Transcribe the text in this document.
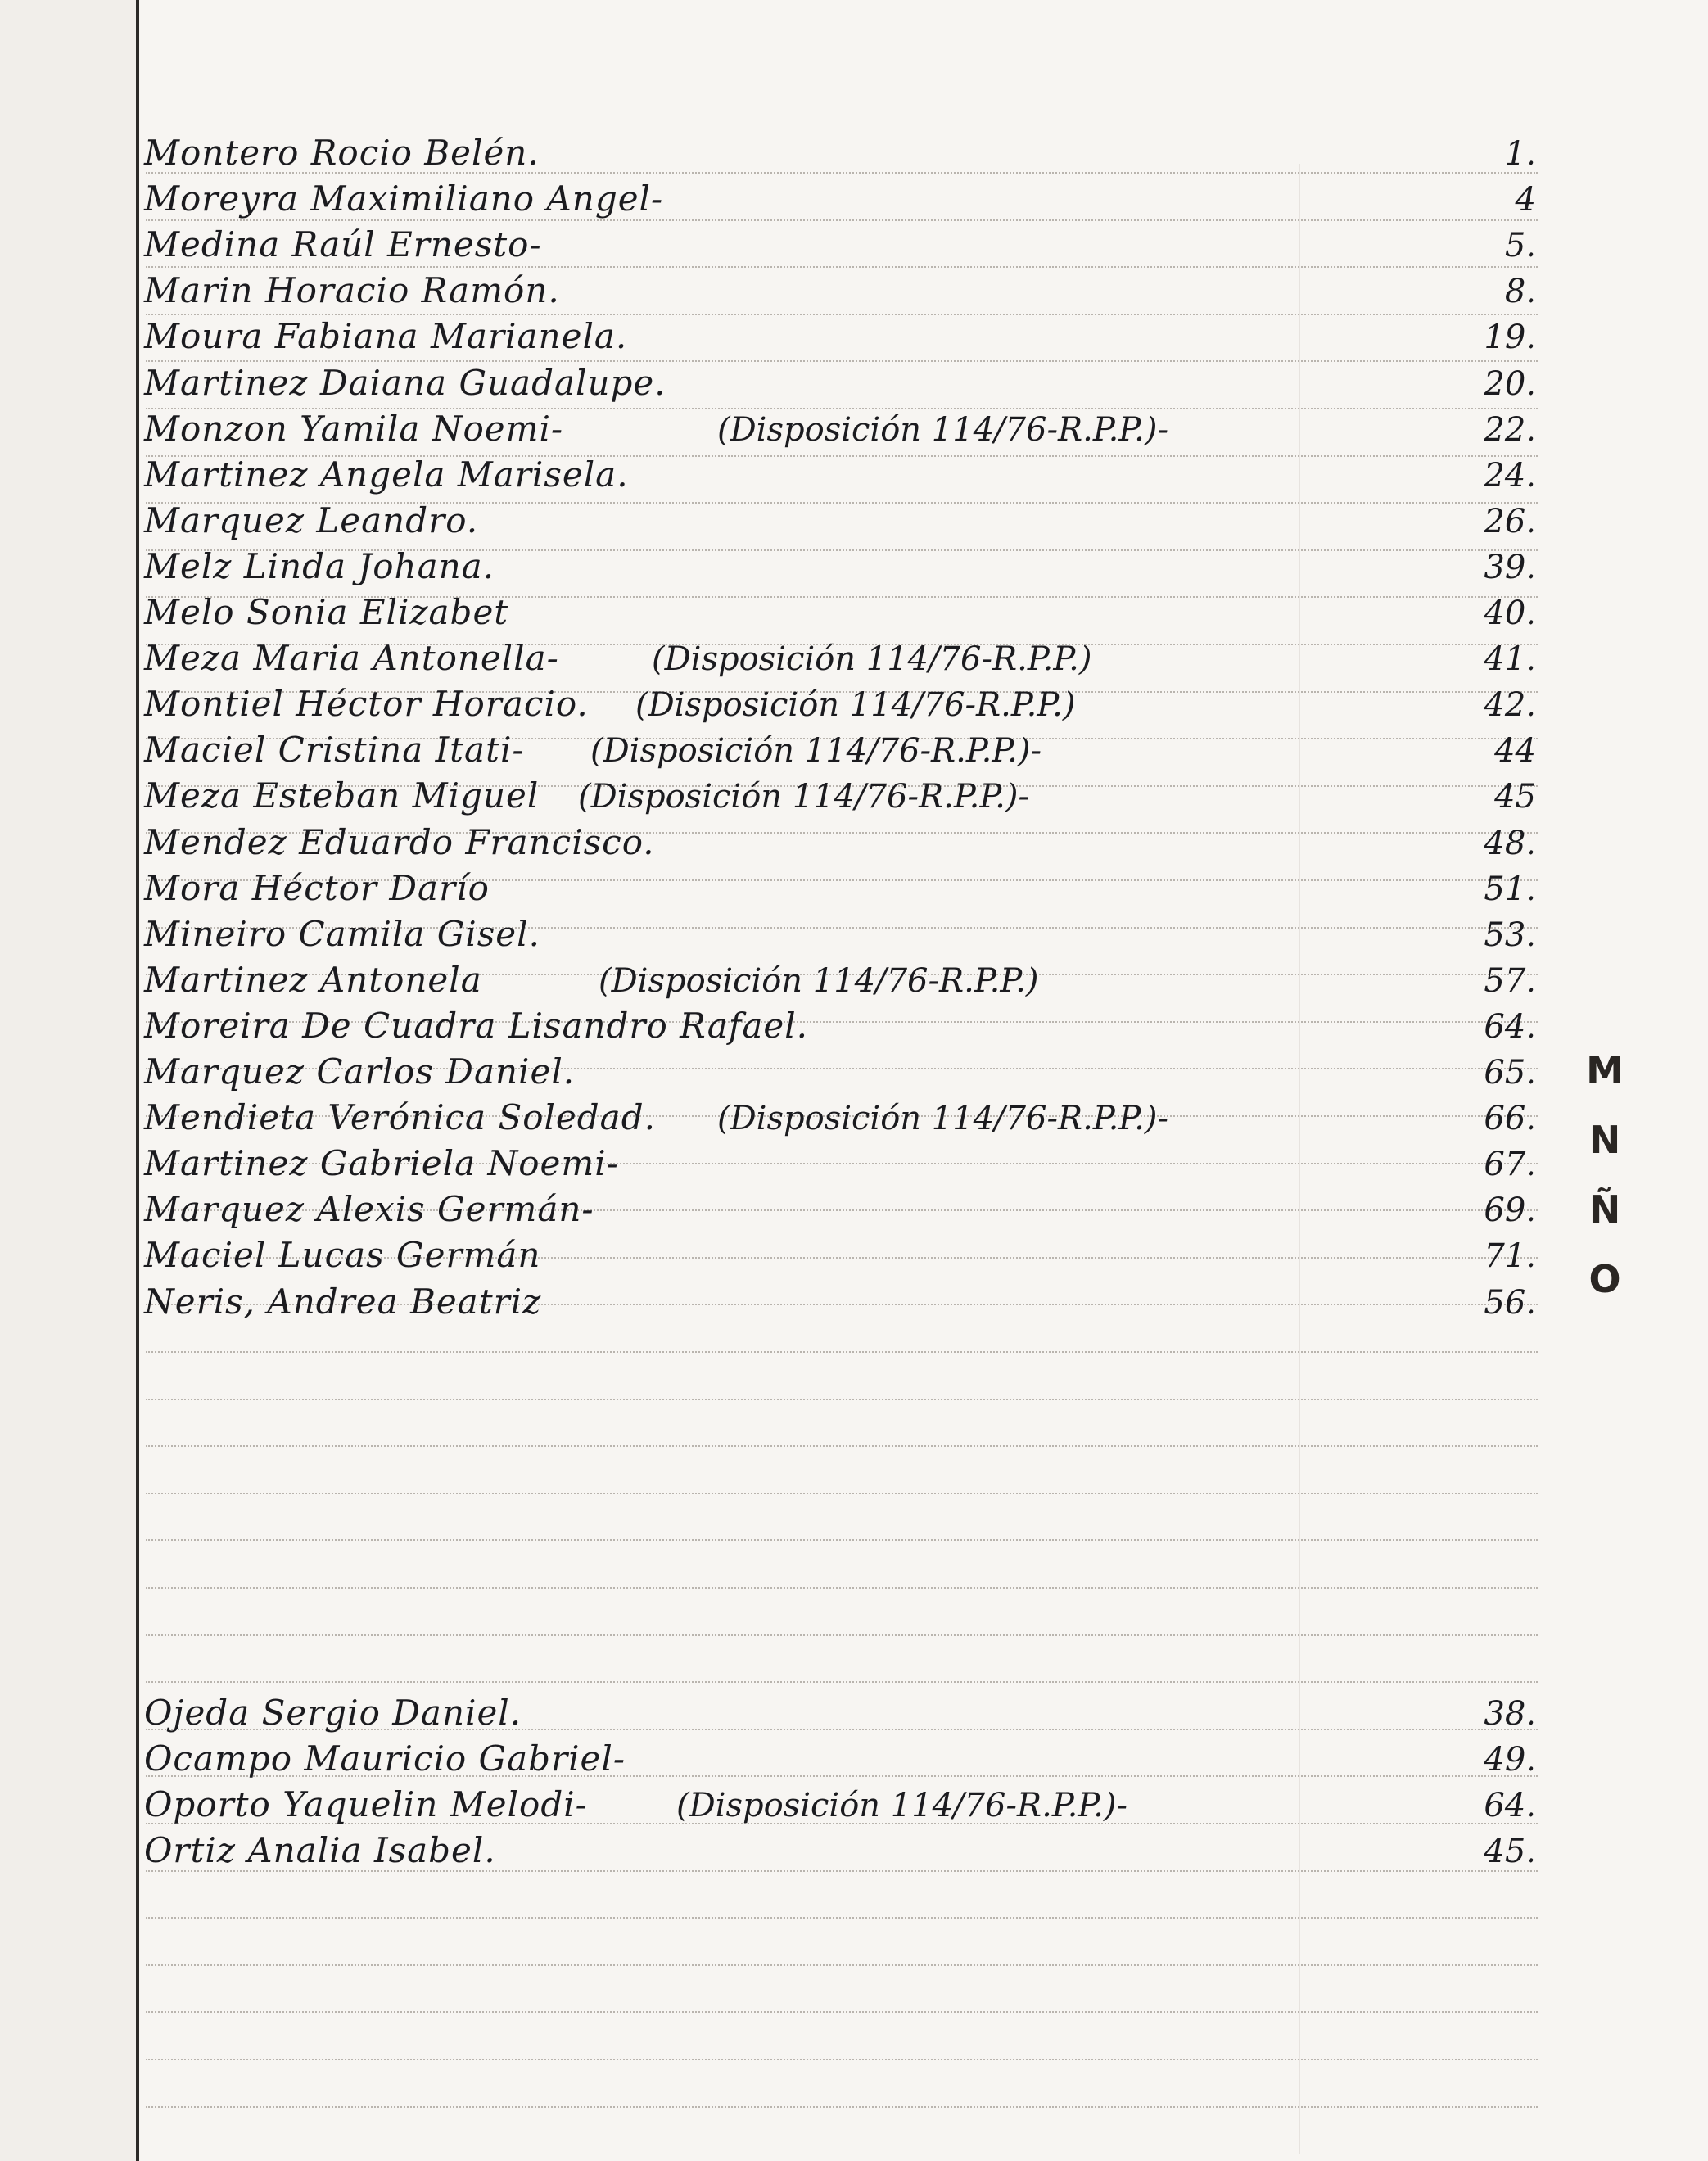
Montero Rocio Belén.	1.
Moreyra Maximiliano Angel-	4
Medina Raúl Ernesto-	5.
Marin Horacio Ramón.	8.
Moura Fabiana Marianela.	19.
Martinez Daiana Guadalupe.	20.
Monzon Yamila Noemi-	(Disposición 114/76-R.P.P.)-	22.
Martinez Angela Marisela.	24.
Marquez Leandro.	26.
Melz Linda Johana.	39.
Melo Sonia Elizabet	40.
Meza Maria Antonella-	(Disposición 114/76-R.P.P.)	41.
Montiel Héctor Horacio. (Disposición 114/76-R.P.P.)	42.
Maciel Cristina Itati- (Disposición 114/76-R.P.P.)-	44
Meza Esteban Miguel (Disposición 114/76-R.P.P.)-	45
Mendez Eduardo Francisco.	48.
Mora Héctor Darío	51.
Mineiro Camila Gisel.	53.
Martinez Antonela	(Disposición 114/76-R.P.P.)	57.
Moreira De Cuadra Lisandro Rafael.	64.
Marquez Carlos Daniel.	65.
Mendieta Verónica Soledad. (Disposición 114/76-R.P.P.)-	66.
Martinez Gabriela Noemi-	67.
Marquez Alexis Germán-	69.
Maciel Lucas Germán	71.
Neris, Andrea Beatriz	56.
Ojeda Sergio Daniel.	38.
Ocampo Mauricio Gabriel-	49.
Oporto Yaquelin Melodi-	(Disposición 114/76-R.P.P.)-	64.
Ortiz Analia Isabel.	45.
M
N
Ñ
O
